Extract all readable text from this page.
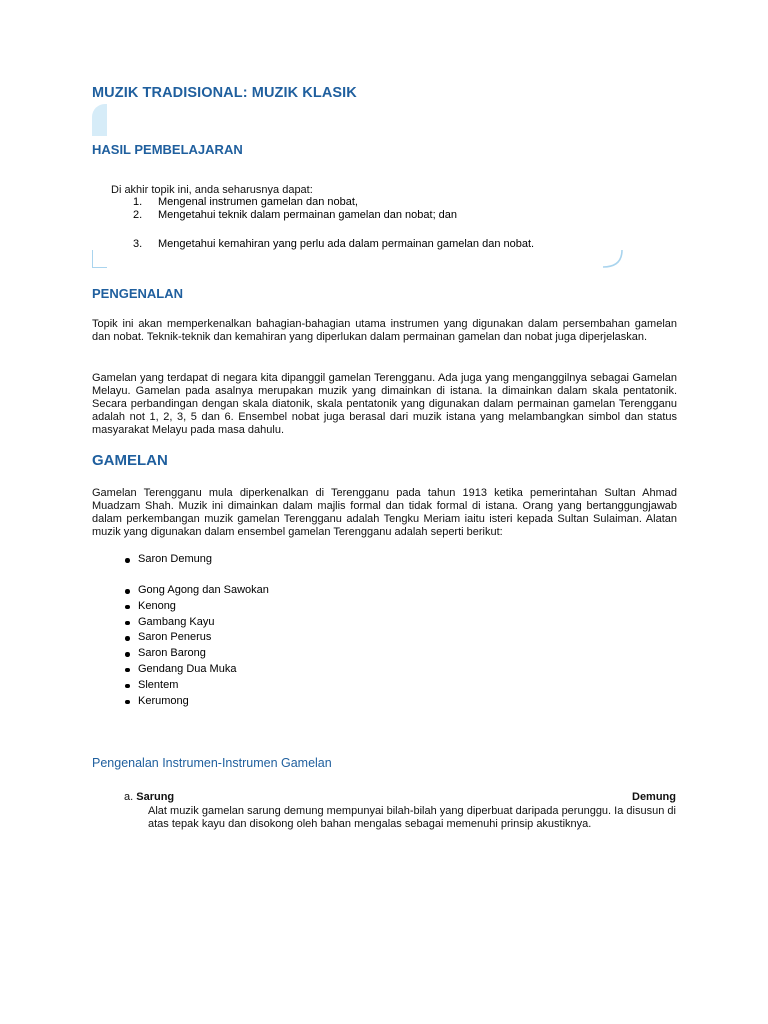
MUZIK TRADISIONAL: MUZIK KLASIK
HASIL PEMBELAJARAN
Di akhir topik ini, anda seharusnya dapat:
1. Mengenal instrumen gamelan dan nobat,
2. Mengetahui teknik dalam permainan gamelan dan nobat; dan
3. Mengetahui kemahiran yang perlu ada dalam permainan gamelan dan nobat.
PENGENALAN

Topik ini akan memperkenalkan bahagian-bahagian utama instrumen yang digunakan dalam persembahan gamelan dan nobat. Teknik-teknik dan kemahiran yang diperlukan dalam permainan gamelan dan nobat juga diperjelaskan.

Gamelan yang terdapat di negara kita dipanggil gamelan Terengganu. Ada juga yang menganggilnya sebagai Gamelan Melayu. Gamelan pada asalnya merupakan muzik yang dimainkan di istana. Ia dimainkan dalam skala pentatonik. Secara perbandingan dengan skala diatonik, skala pentatonik yang digunakan dalam permainan gamelan Terengganu adalah not 1, 2, 3, 5 dan 6. Ensembel nobat juga berasal dari muzik istana yang melambangkan simbol dan status masyarakat Melayu pada masa dahulu.

GAMELAN

Gamelan Terengganu mula diperkenalkan di Terengganu pada tahun 1913 ketika pemerintahan Sultan Ahmad Muadzam Shah. Muzik ini dimainkan dalam majlis formal dan tidak formal di istana. Orang yang bertanggungjawab dalam perkembangan muzik gamelan Terengganu adalah Tengku Meriam iaitu isteri kepada Sultan Sulaiman. Alatan muzik yang digunakan dalam ensembel gamelan Terengganu adalah seperti berikut:

Saron Demung
Gong Agong dan Sawokan
Kenong
Gambang Kayu
Saron Penerus
Saron Barong
Gendang Dua Muka
Slentem
Kerumong
Pengenalan Instrumen-Instrumen Gamelan
a. Sarung	Demung

Alat muzik gamelan sarung demung mempunyai bilah-bilah yang diperbuat daripada perunggu. Ia disusun di atas tepak kayu dan disokong oleh bahan mengalas sebagai memenuhi prinsip akustiknya.
